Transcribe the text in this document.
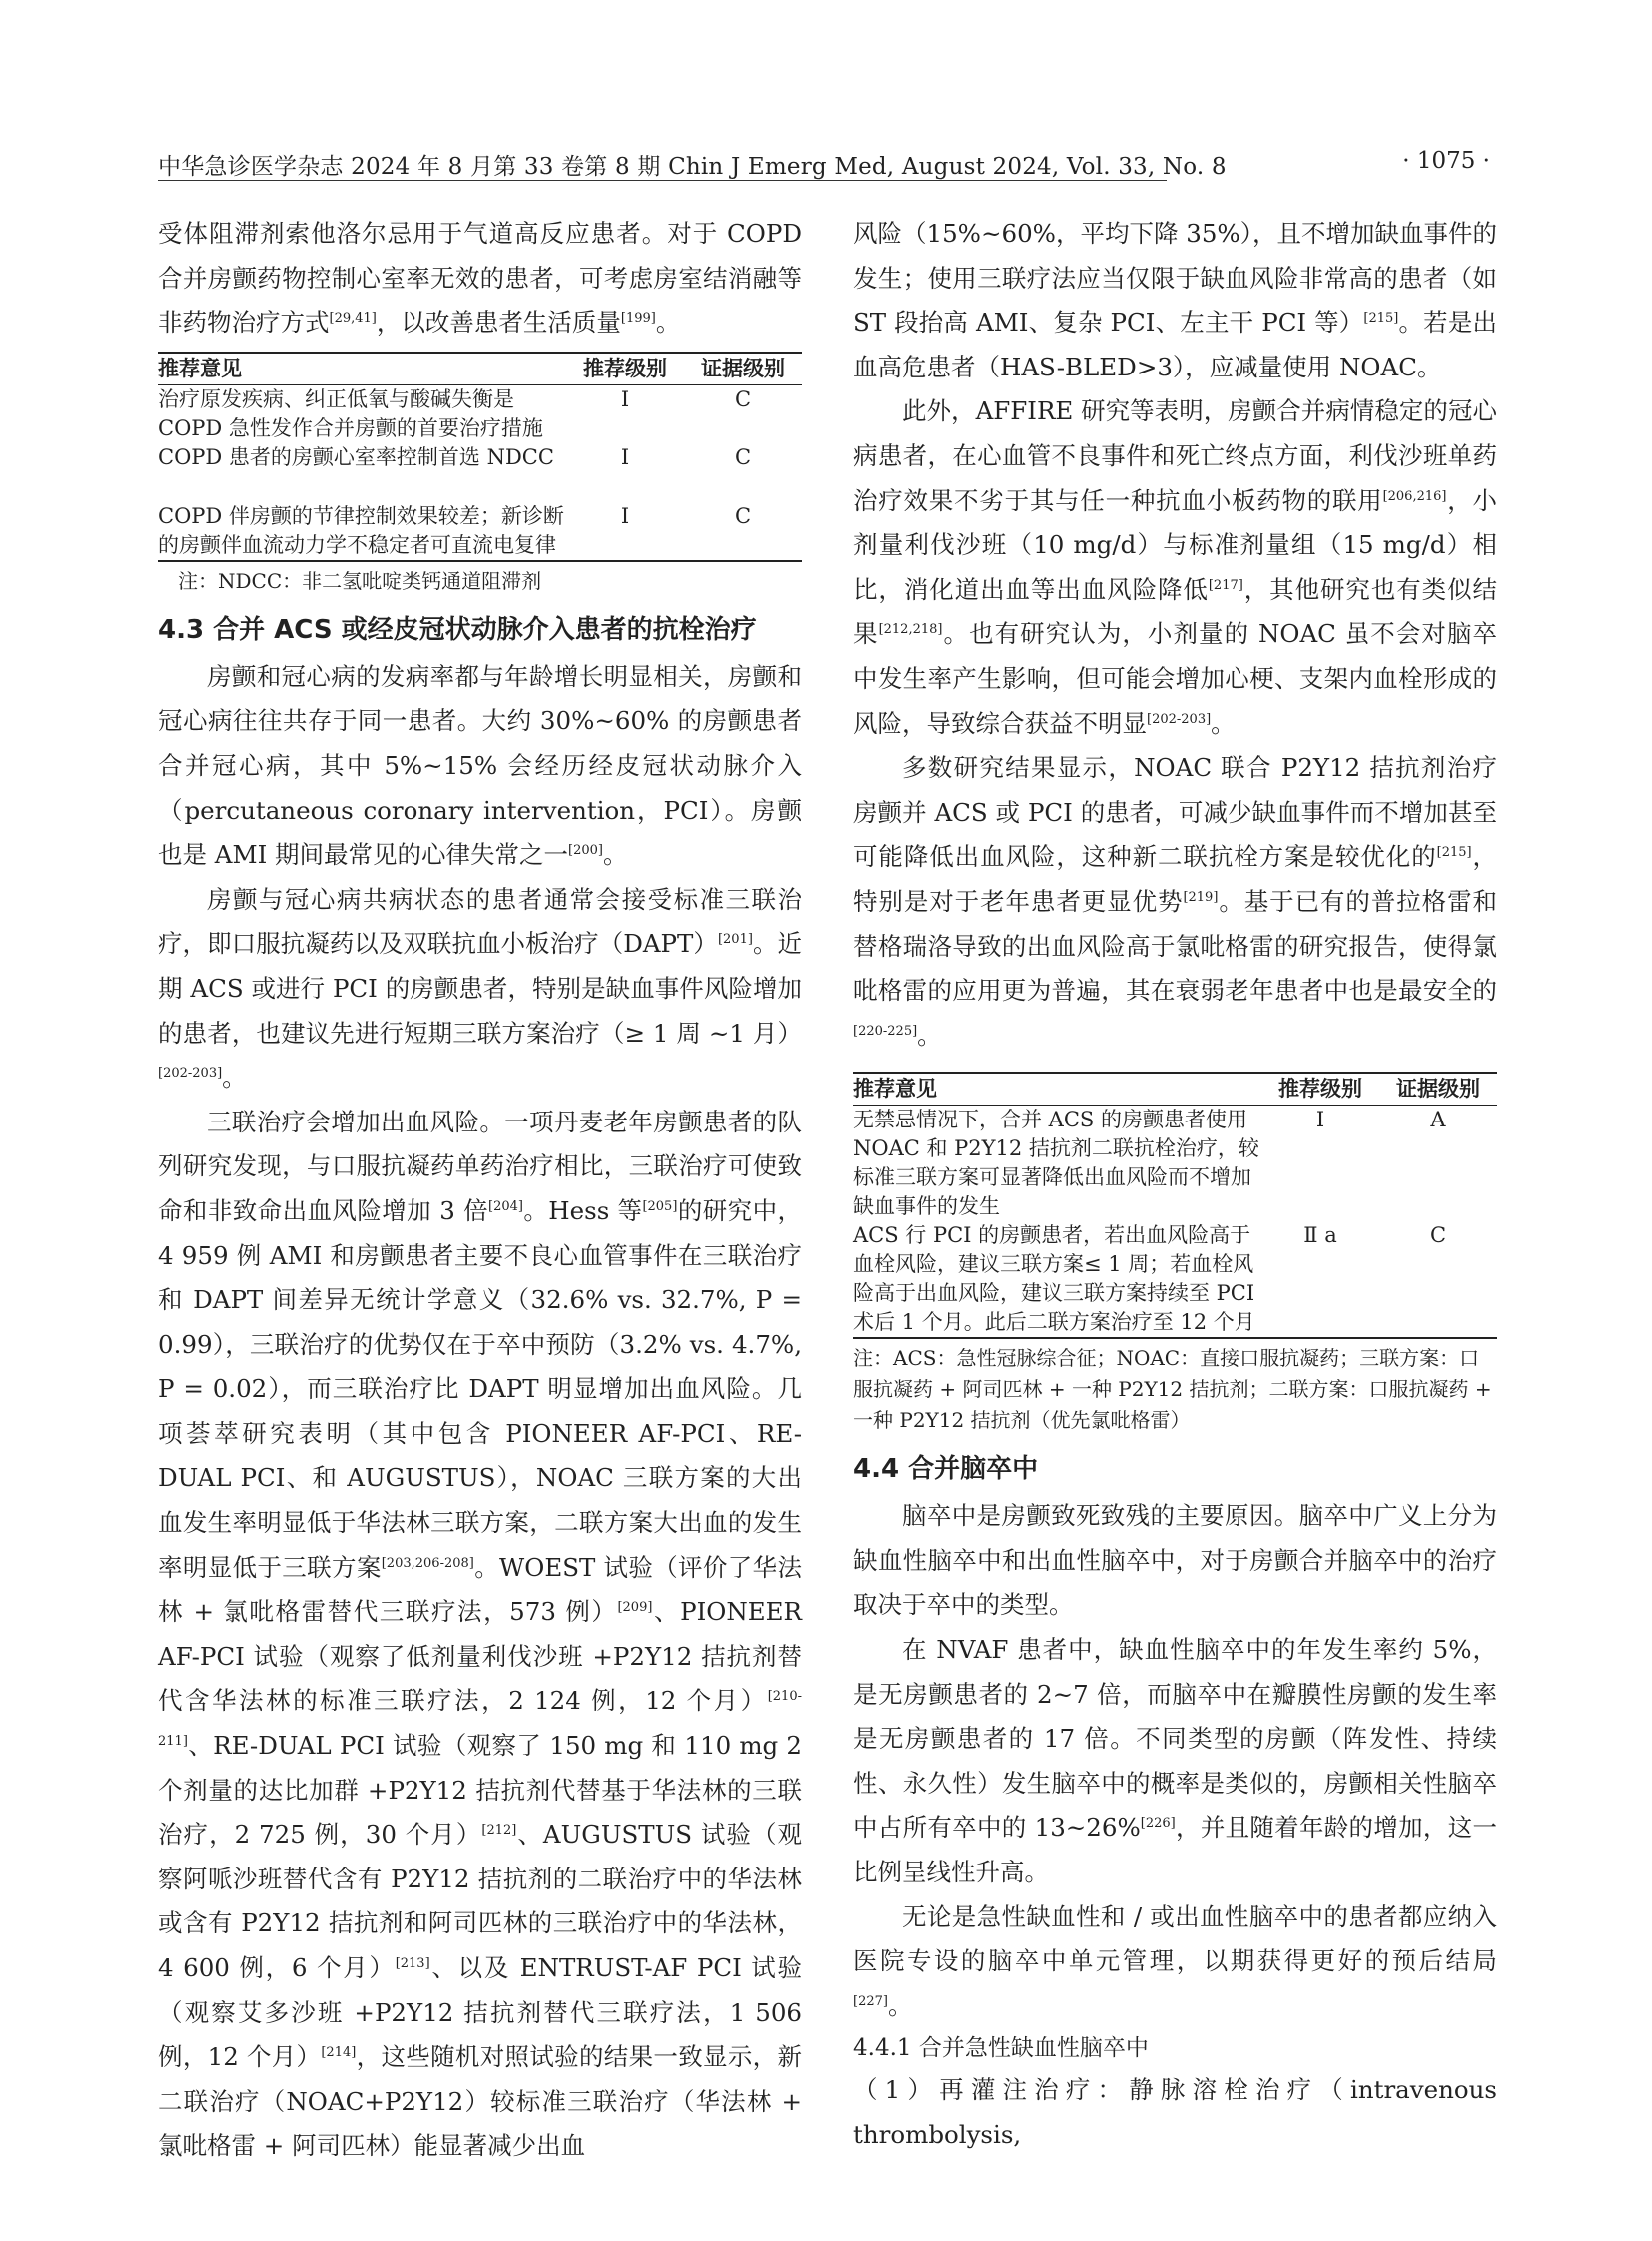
中华急诊医学杂志 2024 年 8 月第 33 卷第 8 期 Chin J Emerg Med, August 2024, Vol. 33, No. 8	· 1075 ·

受体阻滞剂索他洛尔忌用于气道高反应患者。对于 COPD 合并房颤药物控制心室率无效的患者，可考虑房室结消融等非药物治疗方式[29,41]，以改善患者生活质量[199]。

推荐意见	推荐级别	证据级别
治疗原发疾病、纠正低氧与酸碱失衡是 COPD 急性发作合并房颤的首要治疗措施	Ⅰ	C
COPD 患者的房颤心室率控制首选 NDCC	Ⅰ	C
COPD 伴房颤的节律控制效果较差；新诊断的房颤伴血流动力学不稳定者可直流电复律	Ⅰ	C
注：NDCC：非二氢吡啶类钙通道阻滞剂
4.3 合并 ACS 或经皮冠状动脉介入患者的抗栓治疗

房颤和冠心病的发病率都与年龄增长明显相关，房颤和冠心病往往共存于同一患者。大约 30%~60% 的房颤患者合并冠心病，其中 5%~15% 会经历经皮冠状动脉介入（percutaneous coronary intervention，PCI）。房颤也是 AMI 期间最常见的心律失常之一[200]。

房颤与冠心病共病状态的患者通常会接受标准三联治疗，即口服抗凝药以及双联抗血小板治疗（DAPT）[201]。近期 ACS 或进行 PCI 的房颤患者，特别是缺血事件风险增加的患者，也建议先进行短期三联方案治疗（≥ 1 周 ~1 月）[202-203]。

三联治疗会增加出血风险。一项丹麦老年房颤患者的队列研究发现，与口服抗凝药单药治疗相比，三联治疗可使致命和非致命出血风险增加 3 倍[204]。Hess 等[205]的研究中，4 959 例 AMI 和房颤患者主要不良心血管事件在三联治疗和 DAPT 间差异无统计学意义（32.6% vs. 32.7%, P = 0.99），三联治疗的优势仅在于卒中预防（3.2% vs. 4.7%, P = 0.02），而三联治疗比 DAPT 明显增加出血风险。几项荟萃研究表明（其中包含 PIONEER AF-PCI、RE-DUAL PCI、和 AUGUSTUS），NOAC 三联方案的大出血发生率明显低于华法林三联方案，二联方案大出血的发生率明显低于三联方案[203,206-208]。WOEST 试验（评价了华法林 + 氯吡格雷替代三联疗法，573 例）[209]、PIONEER AF-PCI 试验（观察了低剂量利伐沙班 +P2Y12 拮抗剂替代含华法林的标准三联疗法，2 124 例，12 个月）[210-211]、RE-DUAL PCI 试验（观察了 150 mg 和 110 mg 2 个剂量的达比加群 +P2Y12 拮抗剂代替基于华法林的三联治疗，2 725 例，30 个月）[212]、AUGUSTUS 试验（观察阿哌沙班替代含有 P2Y12 拮抗剂的二联治疗中的华法林或含有 P2Y12 拮抗剂和阿司匹林的三联治疗中的华法林，4 600 例，6 个月）[213]、以及 ENTRUST-AF PCI 试验（观察艾多沙班 +P2Y12 拮抗剂替代三联疗法，1 506 例，12 个月）[214]，这些随机对照试验的结果一致显示，新二联治疗（NOAC+P2Y12）较标准三联治疗（华法林 + 氯吡格雷 + 阿司匹林）能显著减少出血

风险（15%~60%，平均下降 35%），且不增加缺血事件的发生；使用三联疗法应当仅限于缺血风险非常高的患者（如 ST 段抬高 AMI、复杂 PCI、左主干 PCI 等）[215]。若是出血高危患者（HAS-BLED>3），应减量使用 NOAC。

此外，AFFIRE 研究等表明，房颤合并病情稳定的冠心病患者，在心血管不良事件和死亡终点方面，利伐沙班单药治疗效果不劣于其与任一种抗血小板药物的联用[206,216]，小剂量利伐沙班（10 mg/d）与标准剂量组（15 mg/d）相比，消化道出血等出血风险降低[217]，其他研究也有类似结果[212,218]。也有研究认为，小剂量的 NOAC 虽不会对脑卒中发生率产生影响，但可能会增加心梗、支架内血栓形成的风险，导致综合获益不明显[202-203]。

多数研究结果显示，NOAC 联合 P2Y12 拮抗剂治疗房颤并 ACS 或 PCI 的患者，可减少缺血事件而不增加甚至可能降低出血风险，这种新二联抗栓方案是较优化的[215]，特别是对于老年患者更显优势[219]。基于已有的普拉格雷和替格瑞洛导致的出血风险高于氯吡格雷的研究报告，使得氯吡格雷的应用更为普遍，其在衰弱老年患者中也是最安全的[220-225]。

推荐意见	推荐级别	证据级别
无禁忌情况下，合并 ACS 的房颤患者使用 NOAC 和 P2Y12 拮抗剂二联抗栓治疗，较标准三联方案可显著降低出血风险而不增加缺血事件的发生	Ⅰ	A
ACS 行 PCI 的房颤患者，若出血风险高于血栓风险，建议三联方案≤ 1 周；若血栓风险高于出血风险，建议三联方案持续至 PCI 术后 1 个月。此后二联方案治疗至 12 个月	Ⅱ a	C
注：ACS：急性冠脉综合征；NOAC：直接口服抗凝药；三联方案：口服抗凝药 + 阿司匹林 + 一种 P2Y12 拮抗剂；二联方案：口服抗凝药 + 一种 P2Y12 拮抗剂（优先氯吡格雷）
4.4 合并脑卒中

脑卒中是房颤致死致残的主要原因。脑卒中广义上分为缺血性脑卒中和出血性脑卒中，对于房颤合并脑卒中的治疗取决于卒中的类型。

在 NVAF 患者中，缺血性脑卒中的年发生率约 5%，是无房颤患者的 2~7 倍，而脑卒中在瓣膜性房颤的发生率是无房颤患者的 17 倍。不同类型的房颤（阵发性、持续性、永久性）发生脑卒中的概率是类似的，房颤相关性脑卒中占所有卒中的 13~26%[226]，并且随着年龄的增加，这一比例呈线性升高。

无论是急性缺血性和 / 或出血性脑卒中的患者都应纳入医院专设的脑卒中单元管理，以期获得更好的预后结局[227]。

4.4.1 合并急性缺血性脑卒中

（1）再灌注治疗：静脉溶栓治疗（intravenous thrombolysis,
